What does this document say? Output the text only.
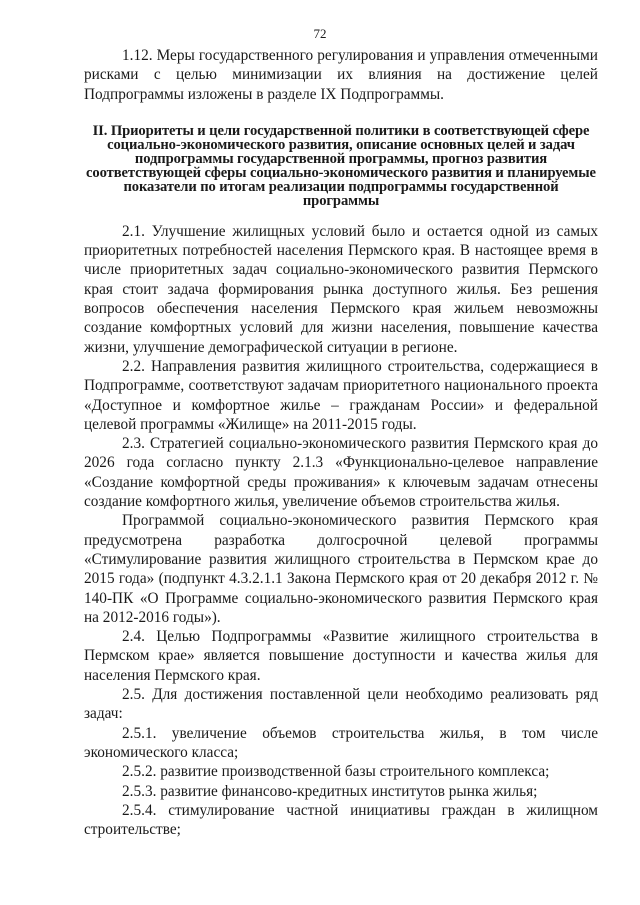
72

1.12. Меры государственного регулирования и управления отмеченными рисками с целью минимизации их влияния на достижение целей Подпрограммы изложены в разделе IX Подпрограммы.

II. Приоритеты и цели государственной политики в соответствующей сфере социально-экономического развития, описание основных целей и задач подпрограммы государственной программы, прогноз развития соответствующей сферы социально-экономического развития и планируемые показатели по итогам реализации подпрограммы государственной программы

2.1. Улучшение жилищных условий было и остается одной из самых приоритетных потребностей населения Пермского края. В настоящее время в числе приоритетных задач социально-экономического развития Пермского края стоит задача формирования рынка доступного жилья. Без решения вопросов обеспечения населения Пермского края жильем невозможны создание комфортных условий для жизни населения, повышение качества жизни, улучшение демографической ситуации в регионе.

2.2. Направления развития жилищного строительства, содержащиеся в Подпрограмме, соответствуют задачам приоритетного национального проекта «Доступное и комфортное жилье – гражданам России» и федеральной целевой программы «Жилище» на 2011-2015 годы.

2.3. Стратегией социально-экономического развития Пермского края до 2026 года согласно пункту 2.1.3 «Функционально-целевое направление «Создание комфортной среды проживания» к ключевым задачам отнесены создание комфортного жилья, увеличение объемов строительства жилья.

Программой социально-экономического развития Пермского края предусмотрена разработка долгосрочной целевой программы «Стимулирование развития жилищного строительства в Пермском крае до 2015 года» (подпункт 4.3.2.1.1 Закона Пермского края от 20 декабря 2012 г. № 140-ПК «О Программе социально-экономического развития Пермского края на 2012-2016 годы»).

2.4. Целью Подпрограммы «Развитие жилищного строительства в Пермском крае» является повышение доступности и качества жилья для населения Пермского края.

2.5. Для достижения поставленной цели необходимо реализовать ряд задач:

2.5.1. увеличение объемов строительства жилья, в том числе экономического класса;

2.5.2. развитие производственной базы строительного комплекса;

2.5.3. развитие финансово-кредитных институтов рынка жилья;

2.5.4. стимулирование частной инициативы граждан в жилищном строительстве;
